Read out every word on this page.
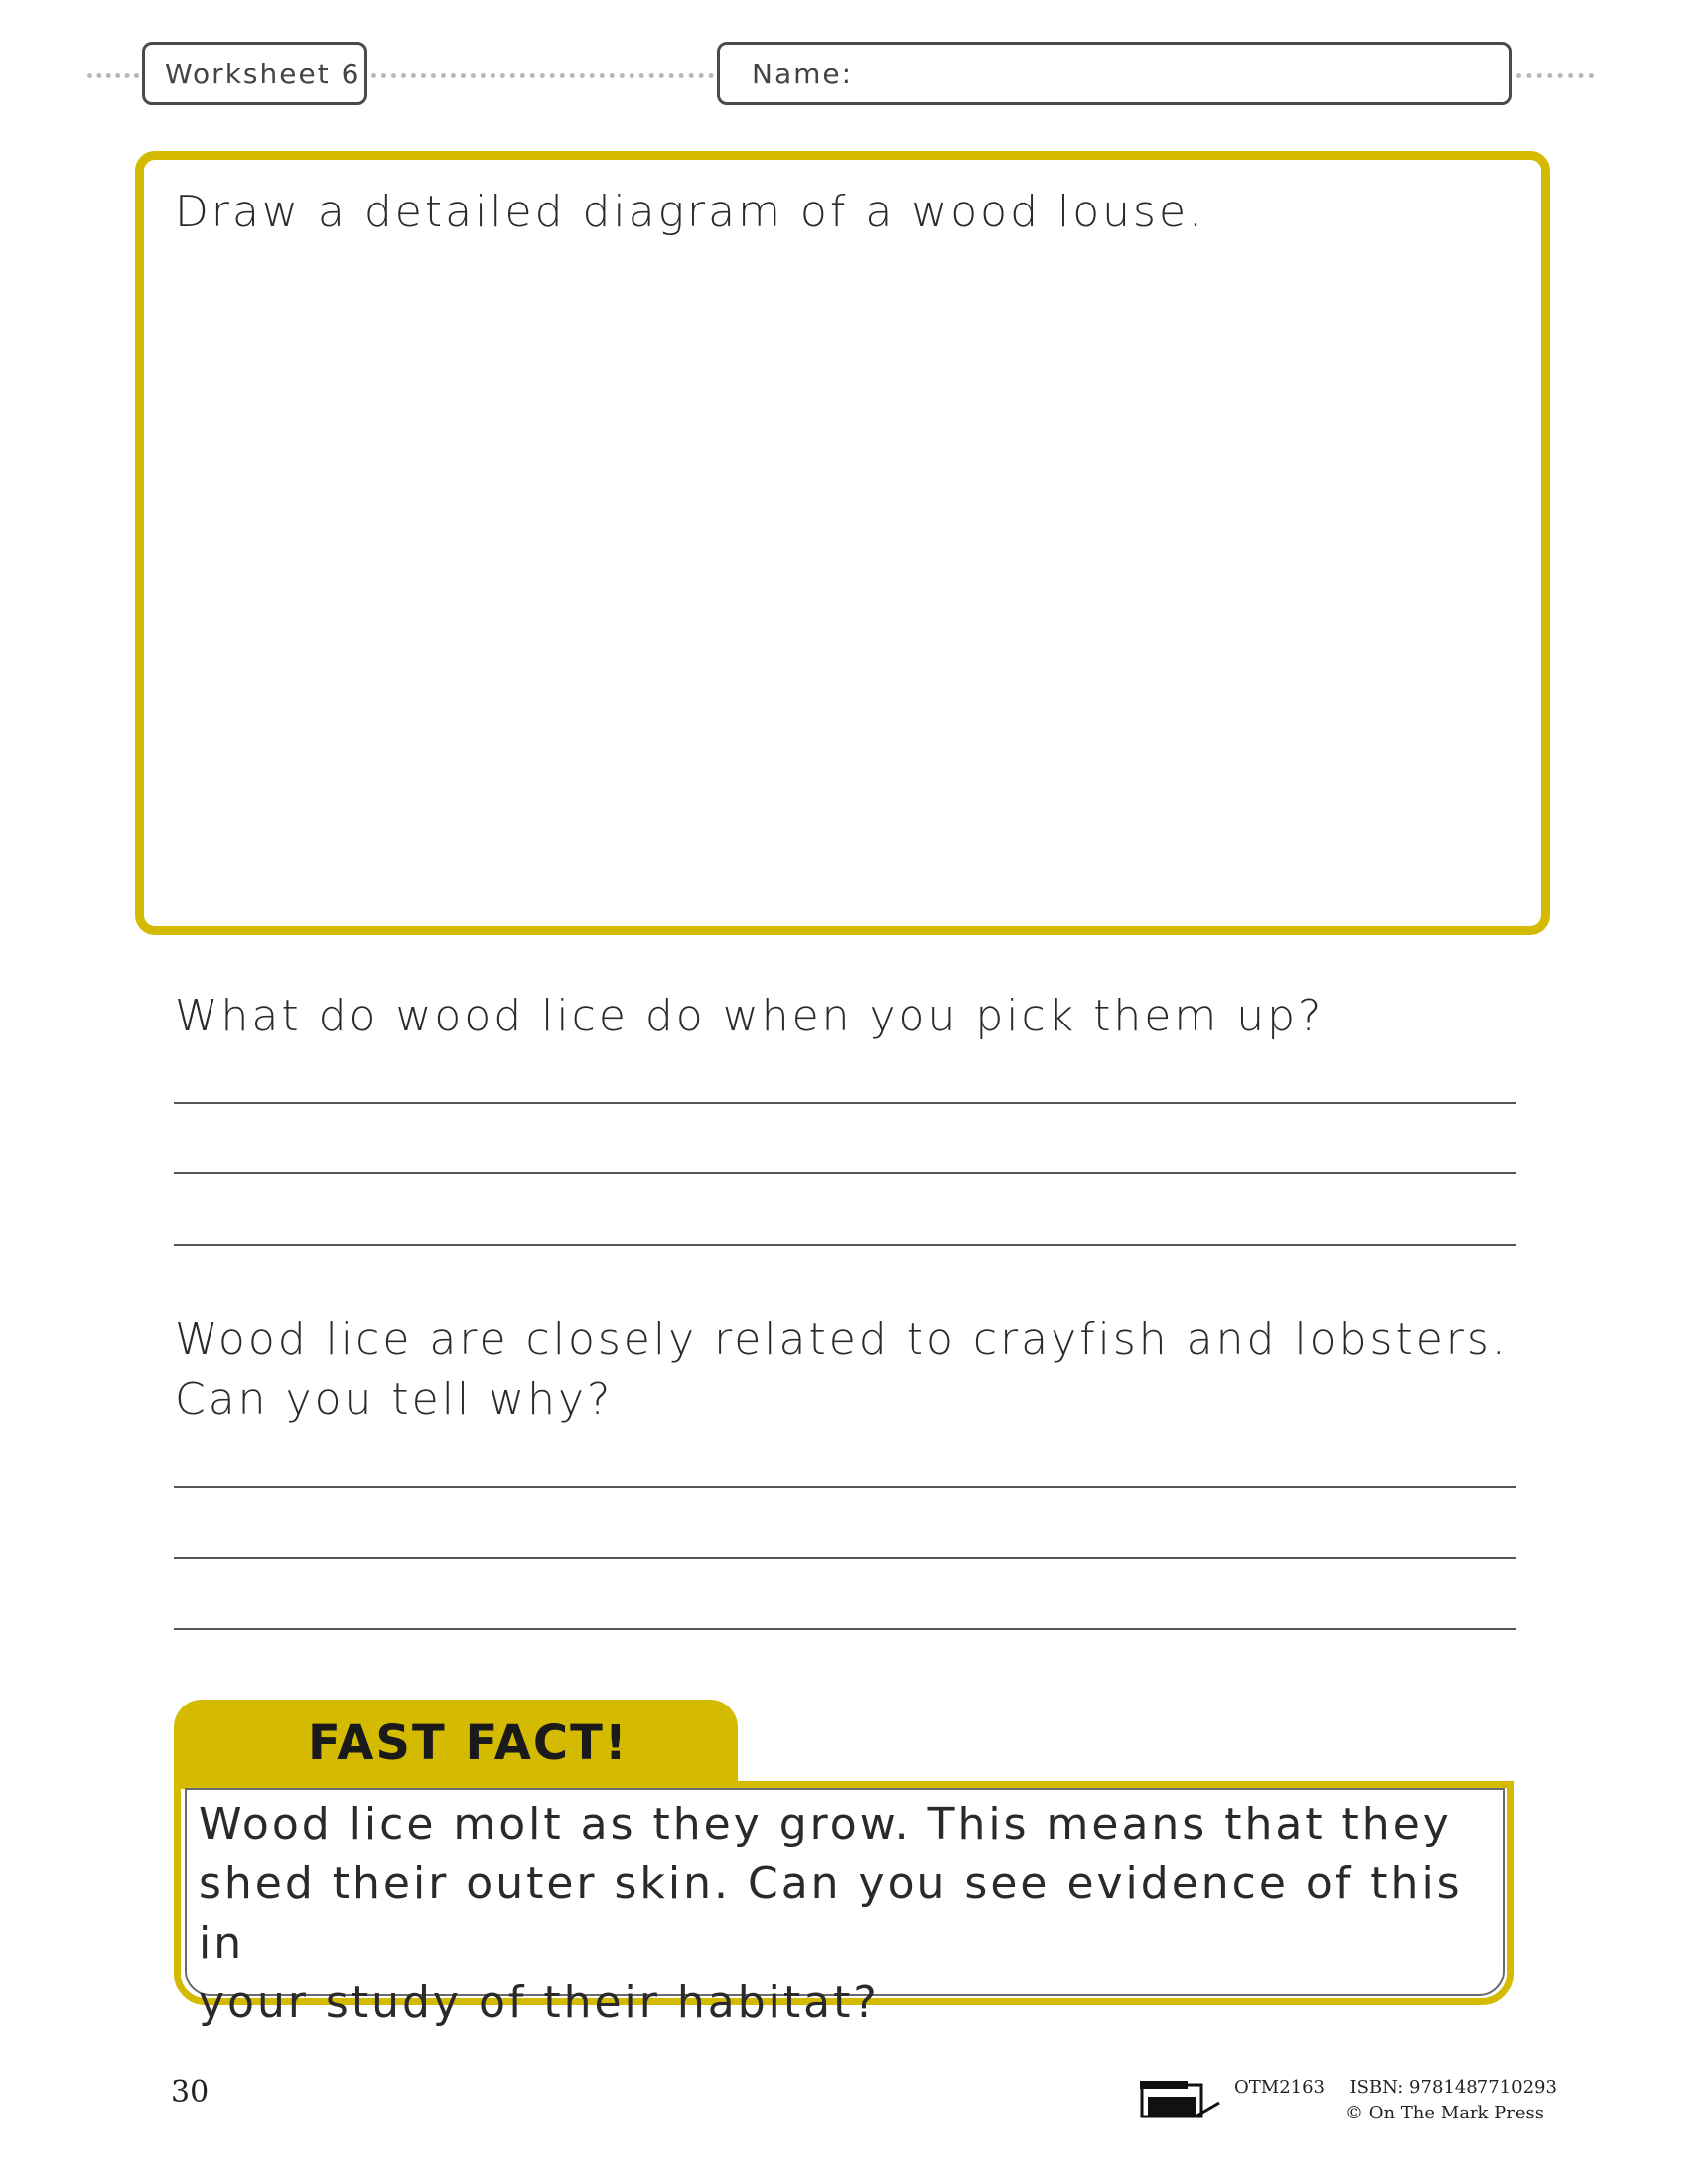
Worksheet 6	Name:
Draw a detailed diagram of a wood louse.
What do wood lice do when you pick them up?
Wood lice are closely related to crayfish and lobsters.
Can you tell why?
FAST FACT!
Wood lice molt as they grow. This means that they
shed their outer skin. Can you see evidence of this in
your study of their habitat?
30	OTM2163 ISBN: 9781487710293
© On The Mark Press
